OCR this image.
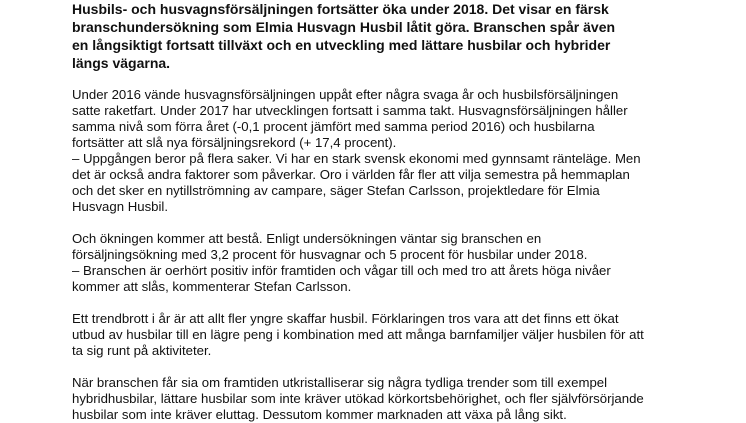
Husbils- och husvagnsförsäljningen fortsätter öka under 2018. Det visar en färsk
branschundersökning som Elmia Husvagn Husbil låtit göra. Branschen spår även
en långsiktigt fortsatt tillväxt och en utveckling med lättare husbilar och hybrider
längs vägarna.

Under 2016 vände husvagnsförsäljningen uppåt efter några svaga år och husbilsförsäljningen
satte raketfart. Under 2017 har utvecklingen fortsatt i samma takt. Husvagnsförsäljningen håller
samma nivå som förra året (-0,1 procent jämfört med samma period 2016) och husbilarna
fortsätter att slå nya försäljningsrekord (+ 17,4 procent).
– Uppgången beror på flera saker. Vi har en stark svensk ekonomi med gynnsamt ränteläge. Men
det är också andra faktorer som påverkar. Oro i världen får fler att vilja semestra på hemmaplan
och det sker en nytillströmning av campare, säger Stefan Carlsson, projektledare för Elmia
Husvagn Husbil.

Och ökningen kommer att bestå. Enligt undersökningen väntar sig branschen en
försäljningsökning med 3,2 procent för husvagnar och 5 procent för husbilar under 2018.
– Branschen är oerhört positiv inför framtiden och vågar till och med tro att årets höga nivåer
kommer att slås, kommenterar Stefan Carlsson.

Ett trendbrott i år är att allt fler yngre skaffar husbil. Förklaringen tros vara att det finns ett ökat
utbud av husbilar till en lägre peng i kombination med att många barnfamiljer väljer husbilen för att
ta sig runt på aktiviteter.

När branschen får sia om framtiden utkristalliserar sig några tydliga trender som till exempel
hybridhusbilar, lättare husbilar som inte kräver utökad körkortsbehörighet, och fler självförsörjande
husbilar som inte kräver eluttag. Dessutom kommer marknaden att växa på lång sikt.
